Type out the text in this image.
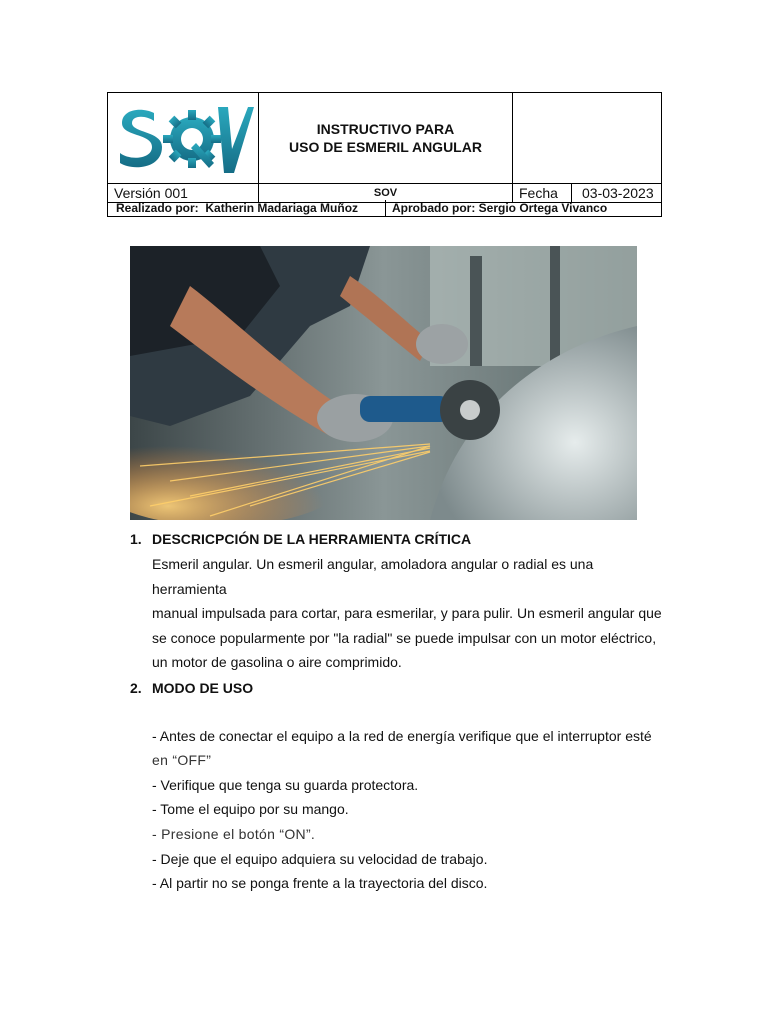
INSTRUCTIVO PARA
USO DE ESMERIL ANGULAR		

Versión 001	SOV	Fecha	03-03-2023
Realizado por: Katherin Madariaga Muñoz	Aprobado por: Sergio Ortega Vivanco
1. DESCRICPCIÓN DE LA HERRAMIENTA CRÍTICA
Esmeril angular. Un esmeril angular, amoladora angular o radial es una herramienta
manual impulsada para cortar, para esmerilar, y para pulir. Un esmeril angular que
se conoce popularmente por "la radial" se puede impulsar con un motor eléctrico,
un motor de gasolina o aire comprimido.
2. MODO DE USO
- Antes de conectar el equipo a la red de energía verifique que el interruptor esté
en “OFF”
- Verifique que tenga su guarda protectora.
- Tome el equipo por su mango.
- Presione el botón “ON”.
- Deje que el equipo adquiera su velocidad de trabajo.
- Al partir no se ponga frente a la trayectoria del disco.
